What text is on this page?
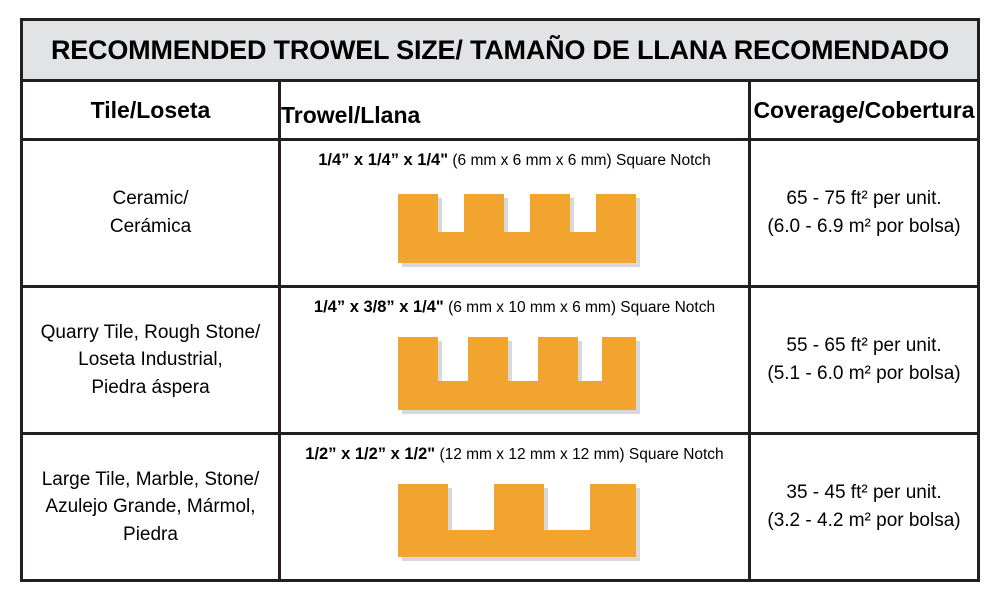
RECOMMENDED TROWEL SIZE/ TAMAÑO DE LLANA RECOMENDADO
Tile/Loseta	Trowel/Llana	Coverage/Cobertura
Ceramic/
Cerámica
1/4” x 1/4” x 1/4" (6 mm x 6 mm x 6 mm) Square Notch
65 - 75 ft² per unit.
(6.0 - 6.9 m² por bolsa)
Quarry Tile, Rough Stone/
Loseta Industrial,
Piedra áspera
1/4” x 3/8” x 1/4" (6 mm x 10 mm x 6 mm) Square Notch
55 - 65 ft² per unit.
(5.1 - 6.0 m² por bolsa)
Large Tile, Marble, Stone/
Azulejo Grande, Mármol,
Piedra
1/2” x 1/2” x 1/2" (12 mm x 12 mm x 12 mm) Square Notch
35 - 45 ft² per unit.
(3.2 - 4.2 m² por bolsa)
